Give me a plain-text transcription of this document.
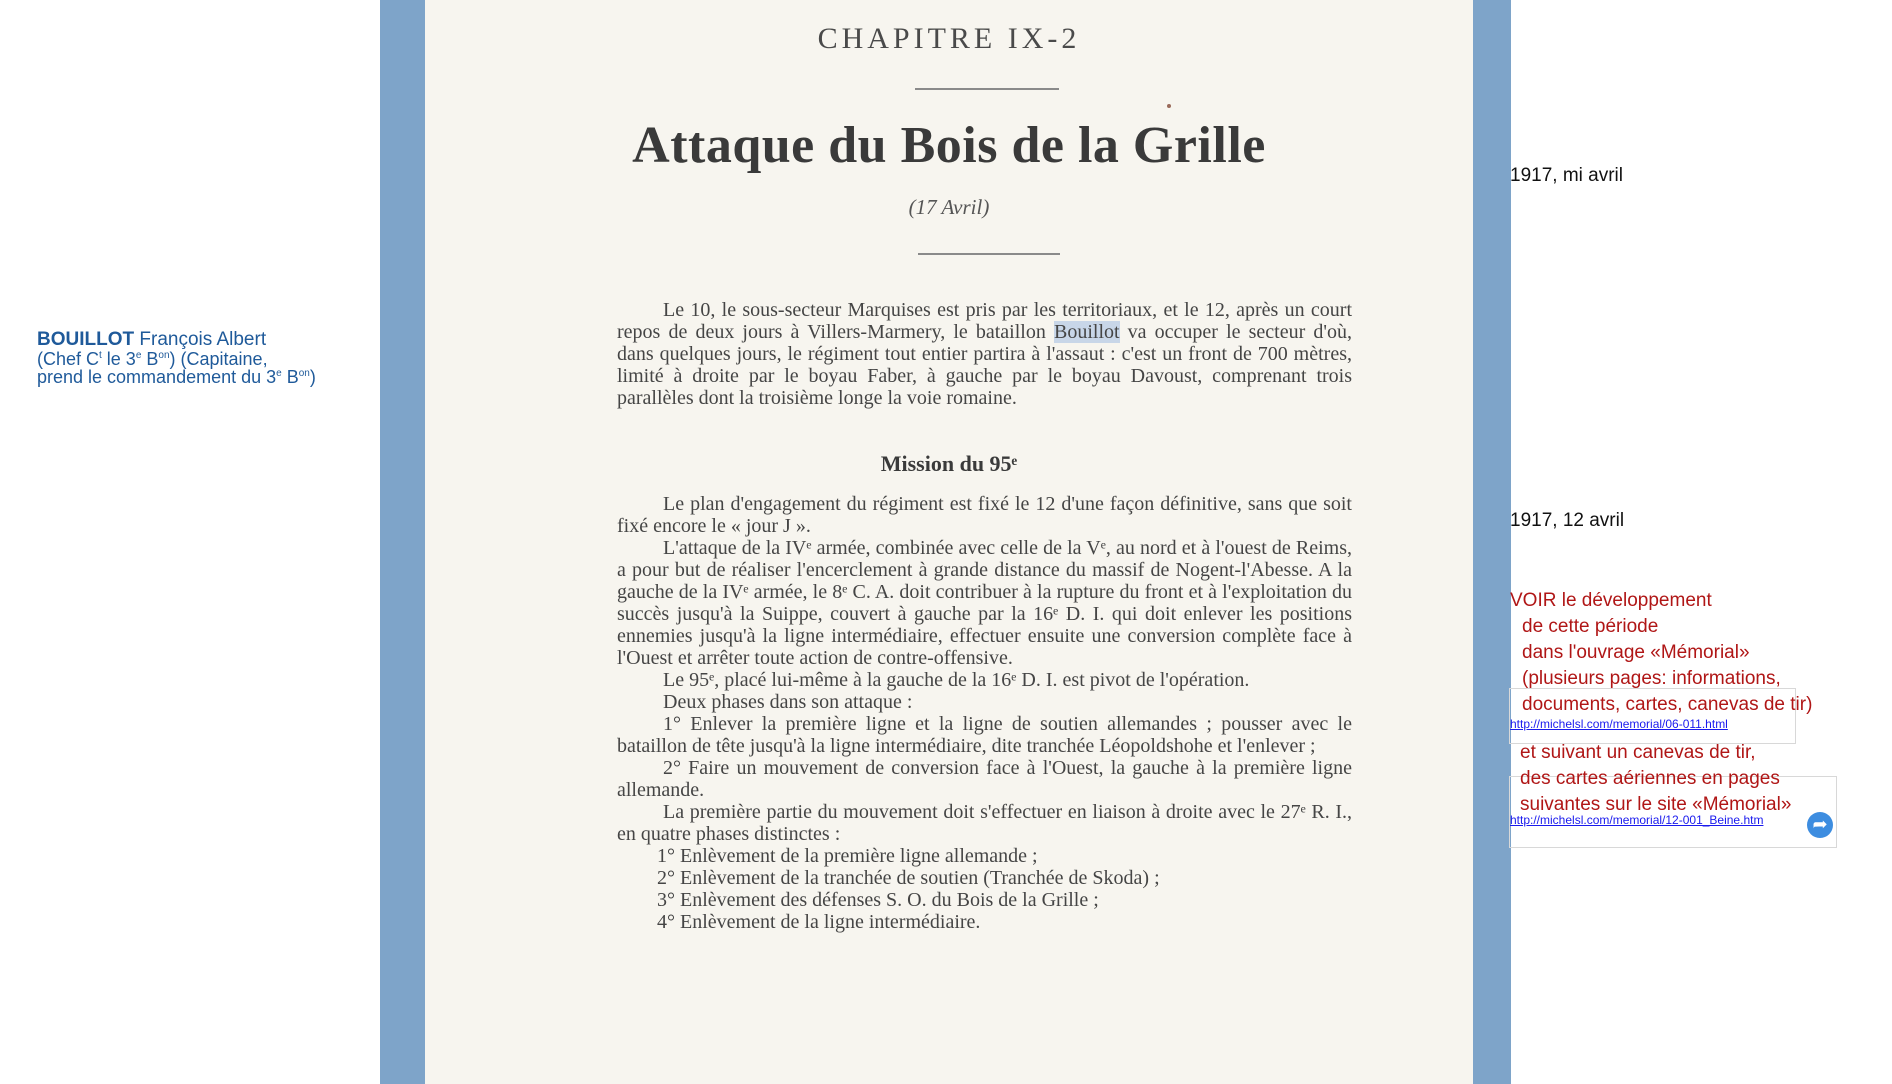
BOUILLOT François Albert
(Chef $C^t$ le 3e $B^{on}$) (Capitaine,
prend le commandement du 3e $B^{on}$)
CHAPITRE IX-2
Attaque du Bois de la Grille
(17 Avril)

Le 10, le sous-secteur Marquises est pris par les territoriaux, et le 12, après un court repos de deux jours à Villers-Marmery, le bataillon Bouillot va occuper le secteur d'où, dans quelques jours, le régiment tout entier partira à l'assaut : c'est un front de 700 mètres, limité à droite par le boyau Faber, à gauche par le boyau Davoust, comprenant trois parallèles dont la troisième longe la voie romaine.

Mission du 95ᵉ

Le plan d'engagement du régiment est fixé le 12 d'une façon définitive, sans que soit fixé encore le « jour J ».

L'attaque de la IVᵉ armée, combinée avec celle de la Vᵉ, au nord et à l'ouest de Reims, a pour but de réaliser l'encerclement à grande distance du massif de Nogent-l'Abesse. A la gauche de la IVᵉ armée, le 8ᵉ C. A. doit contribuer à la rupture du front et à l'exploitation du succès jusqu'à la Suippe, couvert à gauche par la 16ᵉ D. I. qui doit enlever les positions ennemies jusqu'à la ligne intermédiaire, effectuer ensuite une conversion complète face à l'Ouest et arrêter toute action de contre-offensive.

Le 95ᵉ, placé lui-même à la gauche de la 16ᵉ D. I. est pivot de l'opération.

Deux phases dans son attaque :

1° Enlever la première ligne et la ligne de soutien allemandes ; pousser avec le bataillon de tête jusqu'à la ligne intermédiaire, dite tranchée Léopoldshohe et l'enlever ;

2° Faire un mouvement de conversion face à l'Ouest, la gauche à la première ligne allemande.

La première partie du mouvement doit s'effectuer en liaison à droite avec le 27ᵉ R. I., en quatre phases distinctes :

1° Enlèvement de la première ligne allemande ;

2° Enlèvement de la tranchée de soutien (Tranchée de Skoda) ;

3° Enlèvement des défenses S. O. du Bois de la Grille ;

4° Enlèvement de la ligne intermédiaire.

1917, mi avril
1917, 12 avril
VOIR le développement
de cette période
dans l'ouvrage «Mémorial»
(plusieurs pages: informations,
documents, cartes, canevas de tir)
et suivant un canevas de tir,
des cartes aériennes en pages
suivantes sur le site «Mémorial»
http://michelsl.com/memorial/06-011.html
http://michelsl.com/memorial/12-001_Beine.htm	➦
